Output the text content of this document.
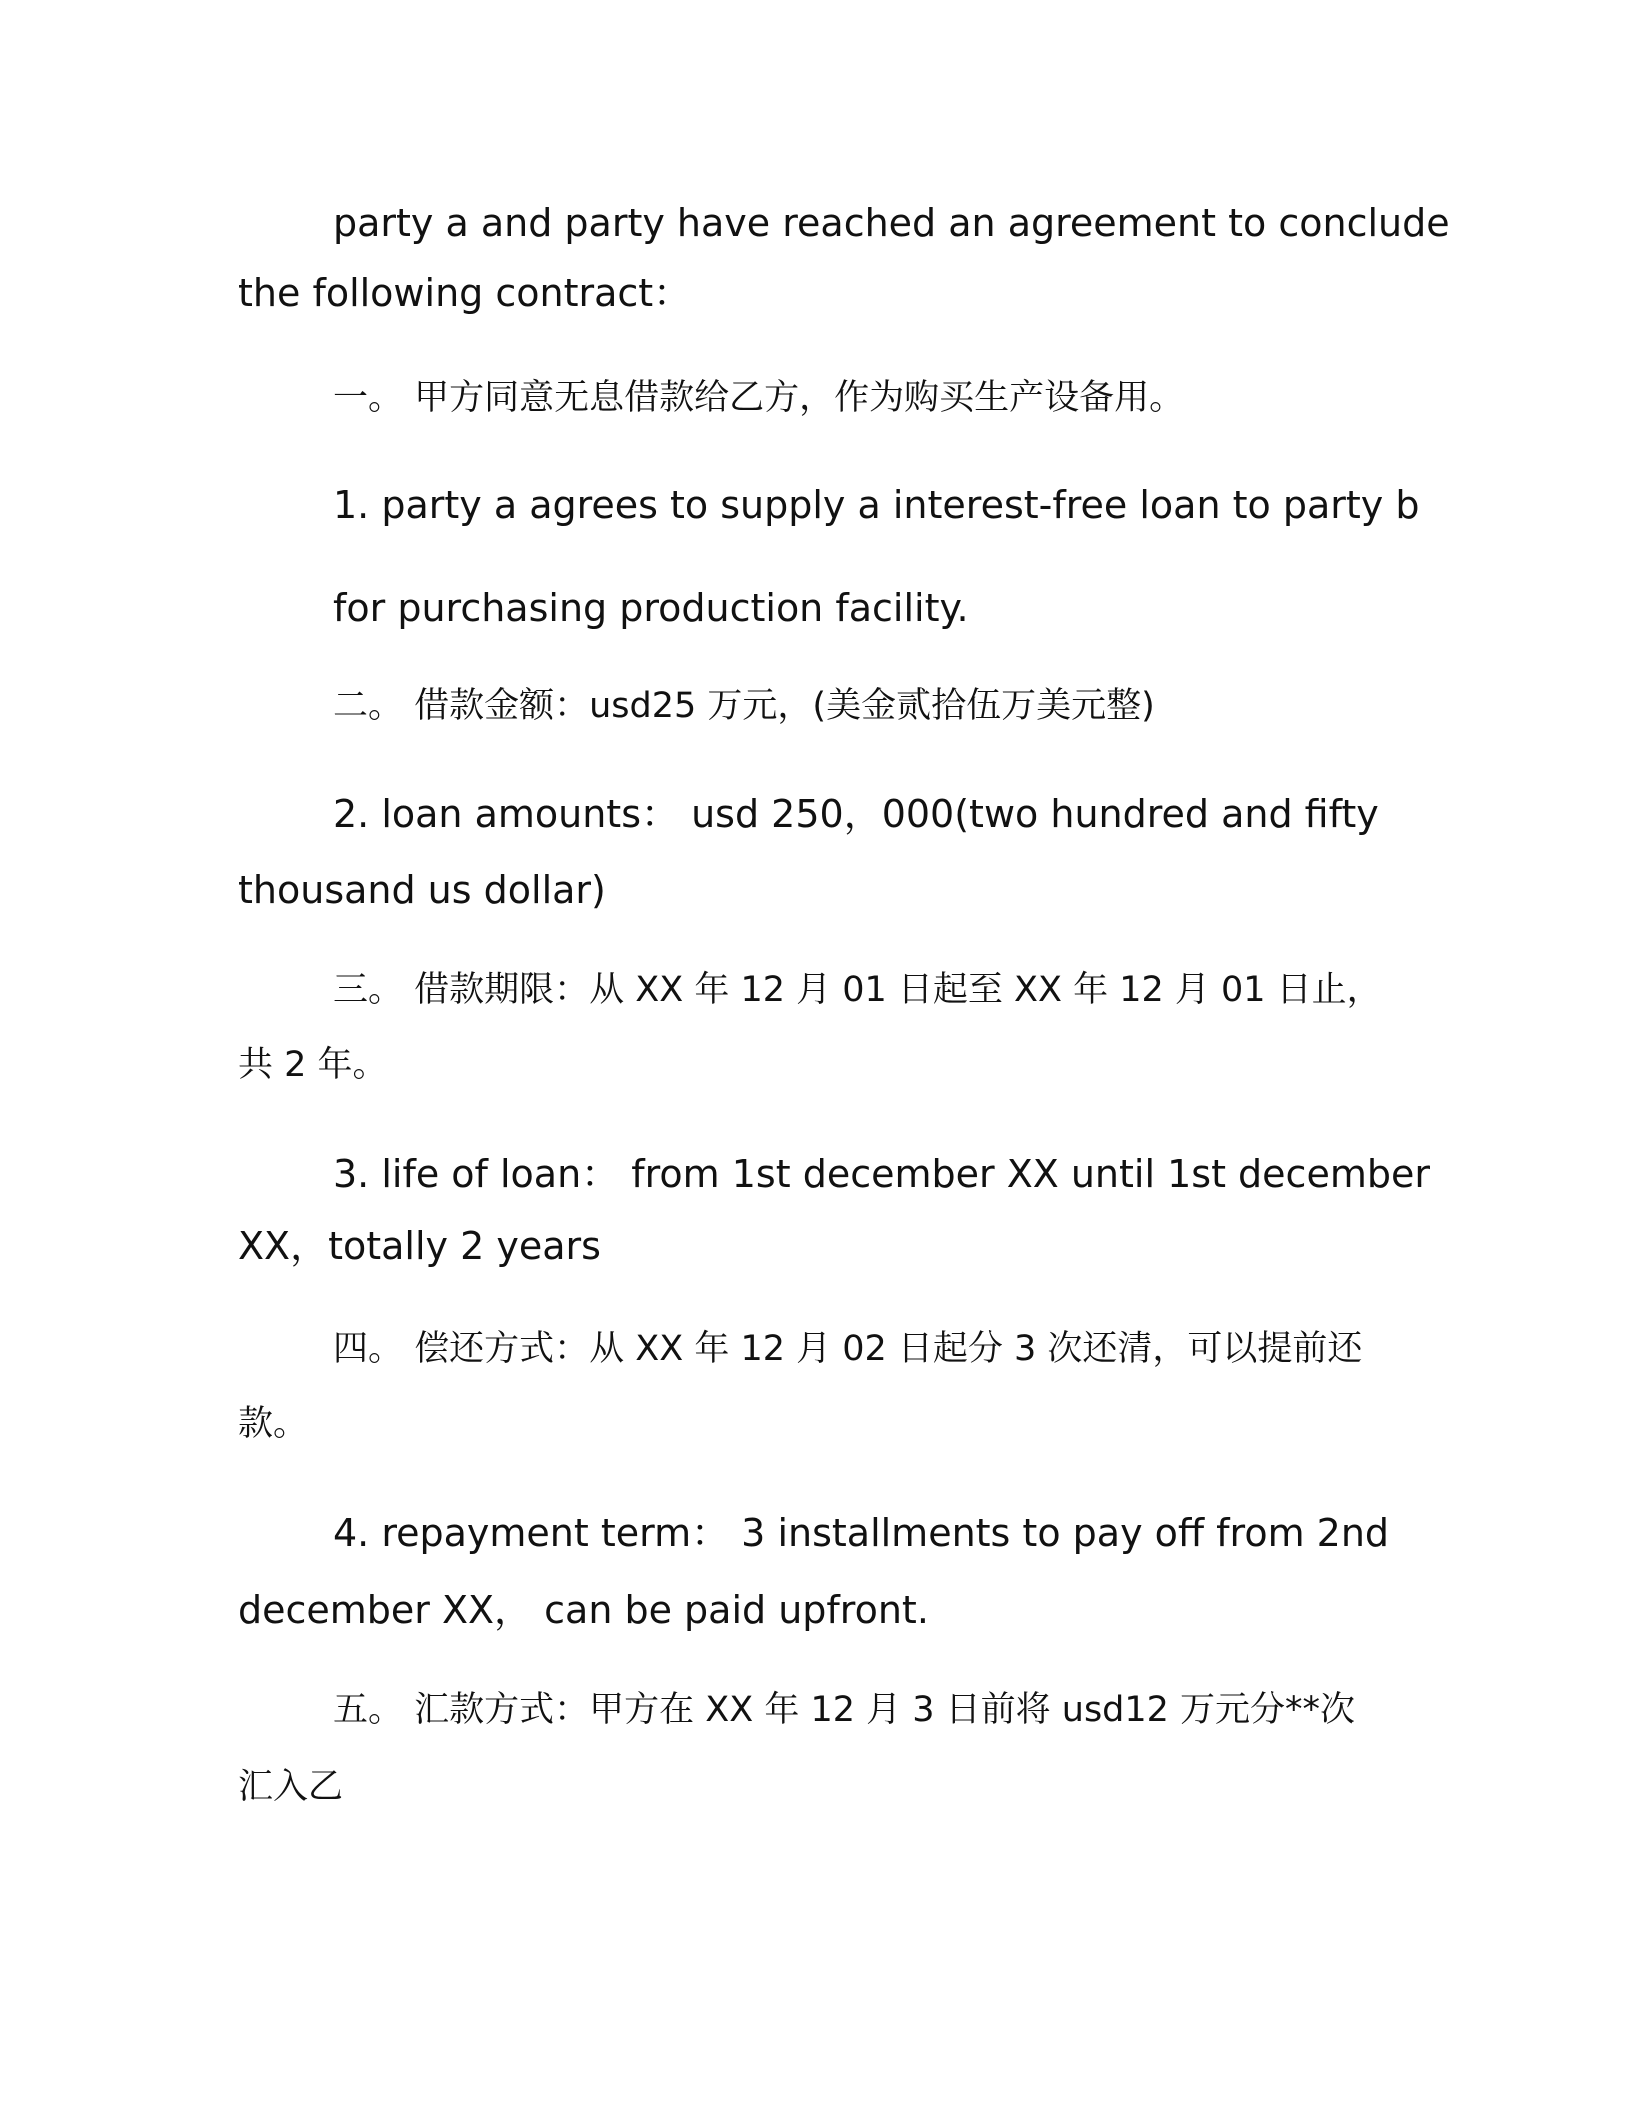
party a and party have reached an agreement to conclude
the following contract：
一。 甲方同意无息借款给乙方，作为购买生产设备用。
1. party a agrees to supply a interest-free loan to party b
for purchasing production facility.
二。 借款金额：usd25 万元，(美金贰拾伍万美元整)
2. loan amounts： usd 250，000(two hundred and fifty
thousand us dollar)
三。 借款期限：从 XX 年 12 月 01 日起至 XX 年 12 月 01 日止，
共 2 年。
3. life of loan： from 1st december XX until 1st december
XX，totally 2 years
四。 偿还方式：从 XX 年 12 月 02 日起分 3 次还清，可以提前还
款。
4. repayment term： 3 installments to pay off from 2nd
december XX， can be paid upfront.
五。 汇款方式：甲方在 XX 年 12 月 3 日前将 usd12 万元分**次
汇入乙
